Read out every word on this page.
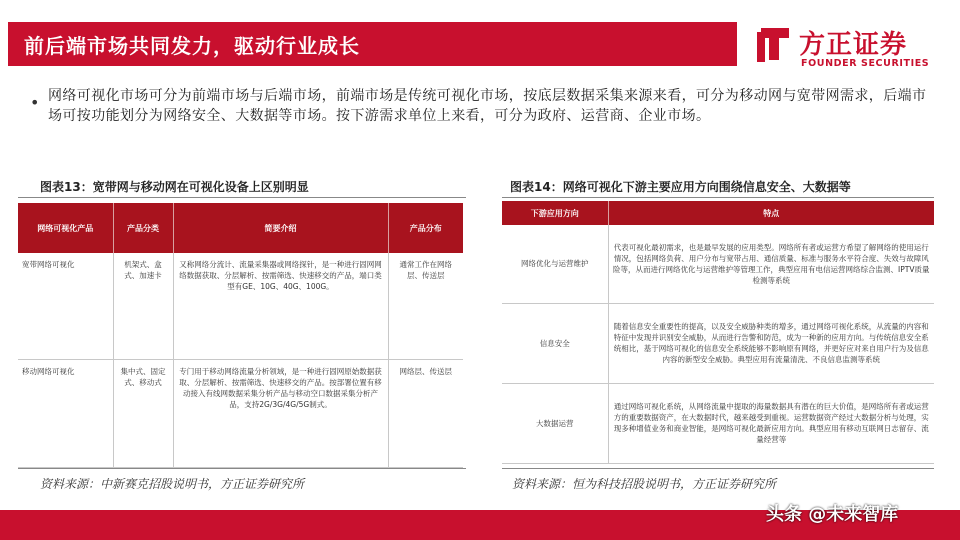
前后端市场共同发力，驱动行业成长	方正证券
FOUNDER SECURITIES
• 网络可视化市场可分为前端市场与后端市场，前端市场是传统可视化市场，按底层数据采集来源来看，可分为移动网与宽带网需求，后端市场可按功能划分为网络安全、大数据等市场。按下游需求单位上来看，可分为政府、运营商、企业市场。
图表13：宽带网与移动网在可视化设备上区别明显
网络可视化产品	产品分类	简要介绍	产品分布
宽带网络可视化	机架式、盒式、加速卡	又称网络分流计、流量采集器或网络探针，是一种进行固网网络数据获取、分层解析、按需筛选、快速移交的产品，端口类型有GE、10G、40G、100G。	通常工作在网络层、传送层
移动网络可视化	集中式、固定式、移动式	专门用于移动网络流量分析领域，是一种进行固网原始数据获取、分层解析、按需筛选、快速移交的产品。按部署位置有移动接入有线网数据采集分析产品与移动空口数据采集分析产品，支持2G/3G/4G/5G制式。	网络层、传送层
资料来源：中新赛克招股说明书，方正证券研究所
图表14：网络可视化下游主要应用方向围绕信息安全、大数据等
下游应用方向	特点
网络优化与运营维护	代表可视化最初需求，也是最早发展的应用类型。网络所有者或运营方希望了解网络的使用运行情况，包括网络负荷、用户分布与宽带占用、通信质量、标准与服务水平符合度、失效与故障风险等，从而进行网络优化与运营维护等管理工作，典型应用有电信运营网络综合监测、IPTV质量检测等系统
信息安全	随着信息安全重要性的提高，以及安全威胁种类的增多，通过网络可视化系统，从流量的内容和特征中发现并识别安全威胁，从而进行告警和防范，成为一种新的应用方向。与传统信息安全系统相比，基于网络可视化的信息安全系统能够不影响原有网络，并更好应对来自用户行为及信息内容的新型安全威胁。典型应用有流量清洗、不良信息监测等系统
大数据运营	通过网络可视化系统，从网络流量中提取的海量数据具有潜在的巨大价值，是网络所有者或运营方的重要数据资产，在大数据时代，越来越受到重视。运营数据资产经过大数据分析与处理，实现多种增值业务和商业智能，是网络可视化最新应用方向。典型应用有移动互联网日志留存、流量经营等
资料来源：恒为科技招股说明书，方正证券研究所
头条 @未来智库
